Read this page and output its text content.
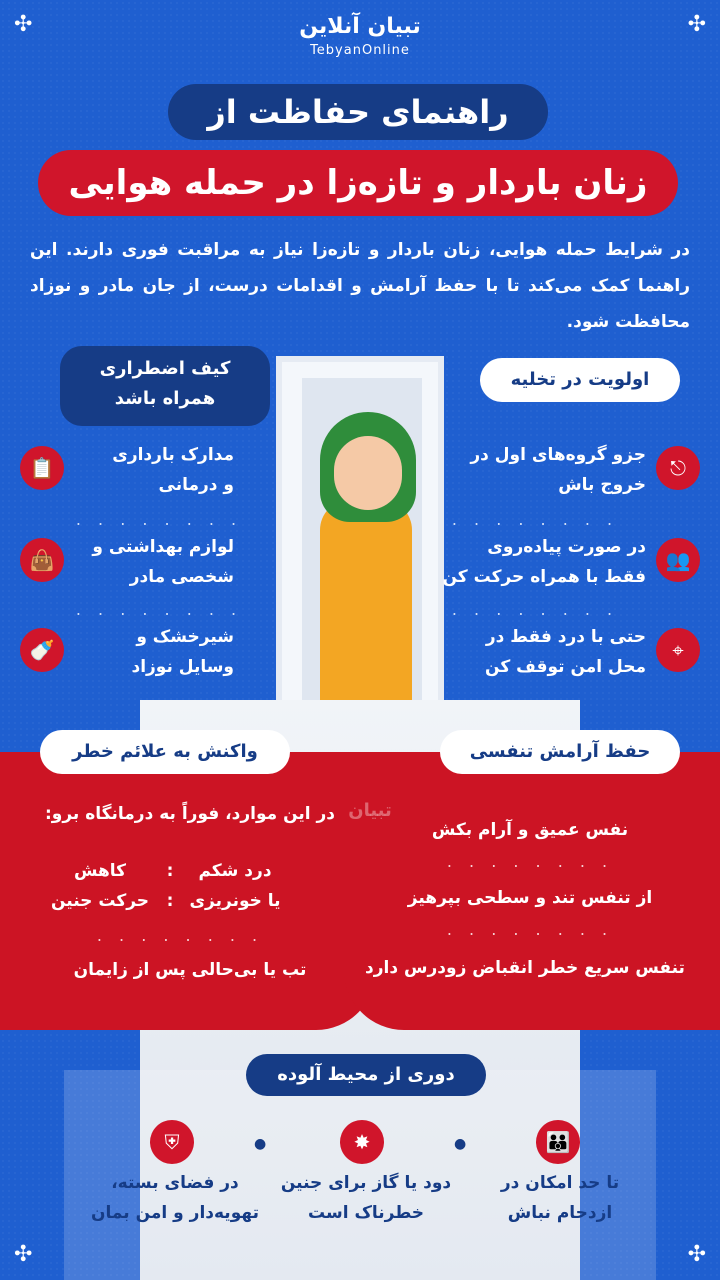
✣	✣
✣	✣
تبیان آنلاین
TebyanOnline
راهنمای حفاظت از
زنان باردار و تازه‌زا در حمله هوایی
در شرایط حمله هوایی، زنان باردار و تازه‌زا نیاز به مراقبت فوری دارند. این راهنما کمک می‌کند تا با حفظ آرامش و اقدامات درست، از جان مادر و نوزاد محافظت شود.
اولویت در تخلیه
⎋
جزو گروه‌های اول در
خروج باش
. . . . . . . .
👥
در صورت پیاده‌روی
فقط با همراه حرکت کن
. . . . . . . .
⌖
حتی با درد فقط در
محل امن توقف کن
کیف اضطراری
همراه باشد
📋
مدارک بارداری
و درمانی
. . . . . . . .
👜
لوازم بهداشتی و
شخصی مادر
. . . . . . . .
🍼
شیرخشک و
وسایل نوزاد
واکنش به علائم خطر
تبیان
در این موارد، فوراً به درمانگاه برو:
درد شکم
یا خونریزی
:
:
کاهش
حرکت جنین
. . . . . . . .
تب یا بی‌حالی پس از زایمان
حفظ آرامش تنفسی
نفس عمیق و آرام بکش
. . . . . . . .
از تنفس تند و سطحی بپرهیز
. . . . . . . .
تنفس سریع خطر انقباض زودرس دارد
دوری از محیط آلوده
👪
تا حد امکان در
ازدحام نباش
●
✸
دود یا گاز برای جنین
خطرناک است
●
⛨
در فضای بسته،
تهویه‌دار و امن بمان
